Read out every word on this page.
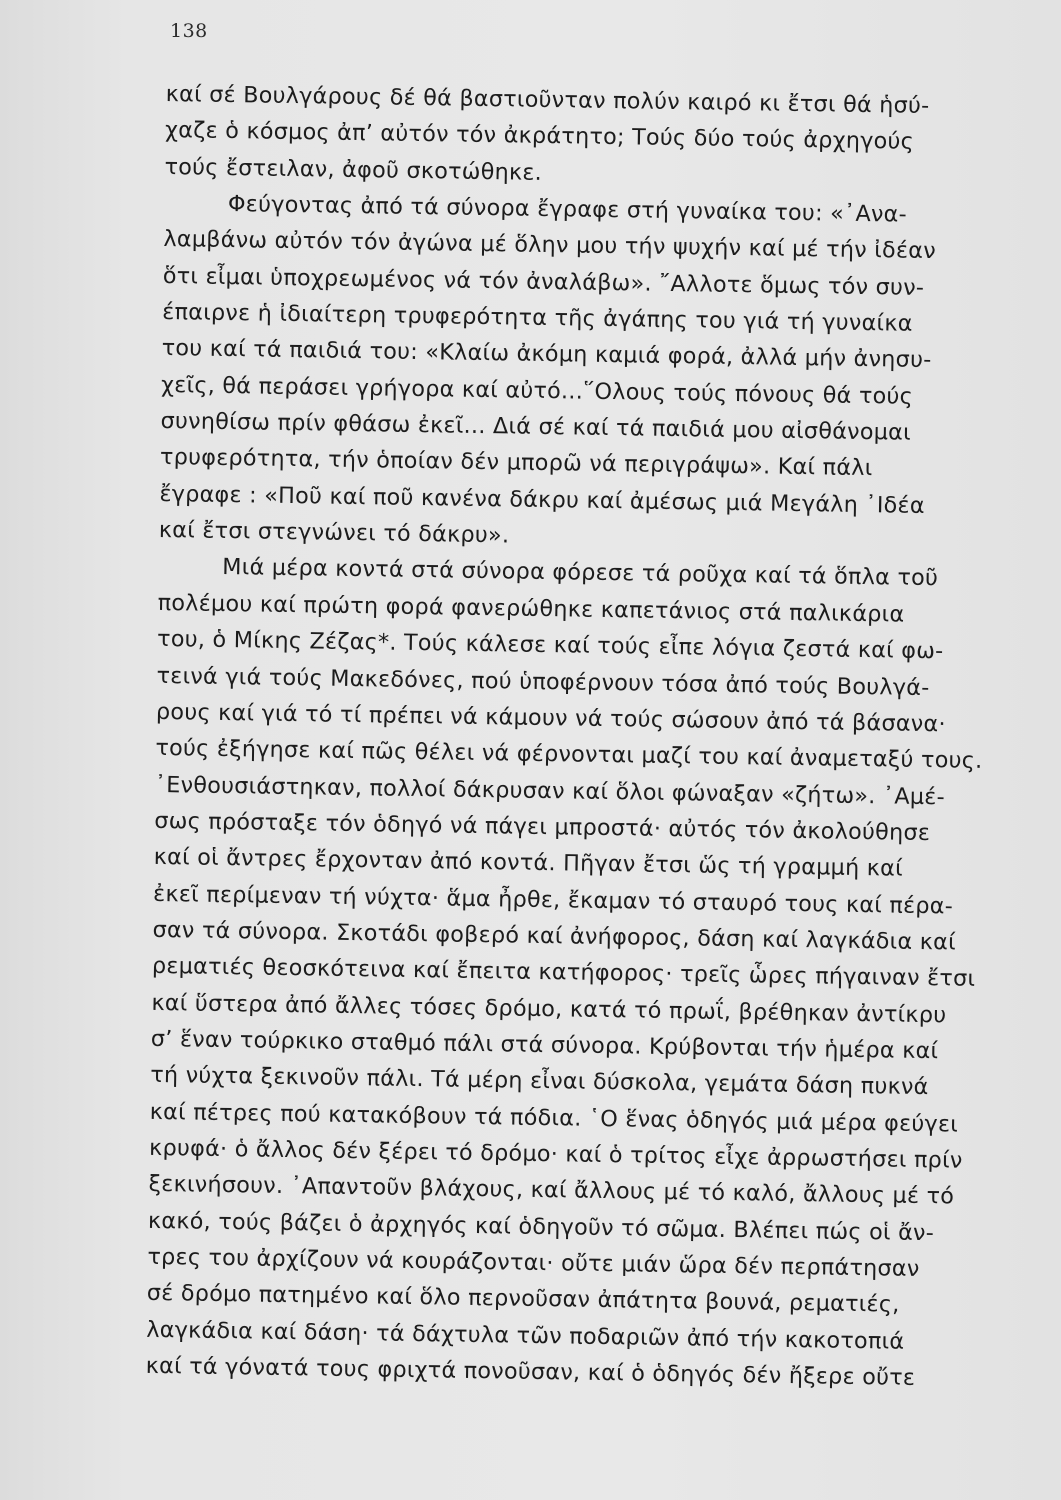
138
καί σέ Βουλγάρους δέ θά βαστιοῦνταν πολύν καιρό κι ἔτσι θά ἡσύ-
χαζε ὁ κόσμος ἀπ’ αὐτόν τόν ἀκράτητο; Τούς δύο τούς ἀρχηγούς
τούς ἔστειλαν, ἀφοῦ σκοτώθηκε.
Φεύγοντας ἀπό τά σύνορα ἔγραφε στή γυναίκα του: «᾿Ανα-
λαμβάνω αὐτόν τόν ἀγώνα μέ ὅλην μου τήν ψυχήν καί μέ τήν ἰδέαν
ὅτι εἶμαι ὑποχρεωμένος νά τόν ἀναλάβω». ῎Αλλοτε ὅμως τόν συν-
έπαιρνε ἡ ἰδιαίτερη τρυφερότητα τῆς ἀγάπης του γιά τή γυναίκα
του καί τά παιδιά του: «Κλαίω ἀκόμη καμιά φορά, ἀλλά μήν ἀνησυ-
χεῖς, θά περάσει γρήγορα καί αὐτό...῞Ολους τούς πόνους θά τούς
συνηθίσω πρίν φθάσω ἐκεῖ... Διά σέ καί τά παιδιά μου αἰσθάνομαι
τρυφερότητα, τήν ὁποίαν δέν μπορῶ νά περιγράψω». Καί πάλι
ἔγραφε : «Ποῦ καί ποῦ κανένα δάκρυ καί ἀμέσως μιά Μεγάλη ᾿Ιδέα
καί ἔτσι στεγνώνει τό δάκρυ».
Μιά μέρα κοντά στά σύνορα φόρεσε τά ροῦχα καί τά ὅπλα τοῦ
πολέμου καί πρώτη φορά φανερώθηκε καπετάνιος στά παλικάρια
του, ὁ Μίκης Ζέζας*. Τούς κάλεσε καί τούς εἶπε λόγια ζεστά καί φω-
τεινά γιά τούς Μακεδόνες, πού ὑποφέρνουν τόσα ἀπό τούς Βουλγά-
ρους καί γιά τό τί πρέπει νά κάμουν νά τούς σώσουν ἀπό τά βάσανα·
τούς ἐξήγησε καί πῶς θέλει νά φέρνονται μαζί του καί ἀναμεταξύ τους.
᾿Ενθουσιάστηκαν, πολλοί δάκρυσαν καί ὅλοι φώναξαν «ζήτω». ᾿Αμέ-
σως πρόσταξε τόν ὁδηγό νά πάγει μπροστά· αὐτός τόν ἀκολούθησε
καί οἱ ἄντρες ἔρχονταν ἀπό κοντά. Πῆγαν ἔτσι ὥς τή γραμμή καί
ἐκεῖ περίμεναν τή νύχτα· ἅμα ἦρθε, ἔκαμαν τό σταυρό τους καί πέρα-
σαν τά σύνορα. Σκοτάδι φοβερό καί ἀνήφορος, δάση καί λαγκάδια καί
ρεματιές θεοσκότεινα καί ἔπειτα κατήφορος· τρεῖς ὧρες πήγαιναν ἔτσι
καί ὕστερα ἀπό ἄλλες τόσες δρόμο, κατά τό πρωΐ, βρέθηκαν ἀντίκρυ
σ’ ἕναν τούρκικο σταθμό πάλι στά σύνορα. Κρύβονται τήν ἡμέρα καί
τή νύχτα ξεκινοῦν πάλι. Τά μέρη εἶναι δύσκολα, γεμάτα δάση πυκνά
καί πέτρες πού κατακόβουν τά πόδια. ῾Ο ἕνας ὁδηγός μιά μέρα φεύγει
κρυφά· ὁ ἄλλος δέν ξέρει τό δρόμο· καί ὁ τρίτος εἶχε ἀρρωστήσει πρίν
ξεκινήσουν. ᾿Απαντοῦν βλάχους, καί ἄλλους μέ τό καλό, ἄλλους μέ τό
κακό, τούς βάζει ὁ ἀρχηγός καί ὁδηγοῦν τό σῶμα. Βλέπει πώς οἱ ἄν-
τρες του ἀρχίζουν νά κουράζονται· οὔτε μιάν ὥρα δέν περπάτησαν
σέ δρόμο πατημένο καί ὅλο περνοῦσαν ἀπάτητα βουνά, ρεματιές,
λαγκάδια καί δάση· τά δάχτυλα τῶν ποδαριῶν ἀπό τήν κακοτοπιά
καί τά γόνατά τους φριχτά πονοῦσαν, καί ὁ ὁδηγός δέν ἤξερε οὔτε
